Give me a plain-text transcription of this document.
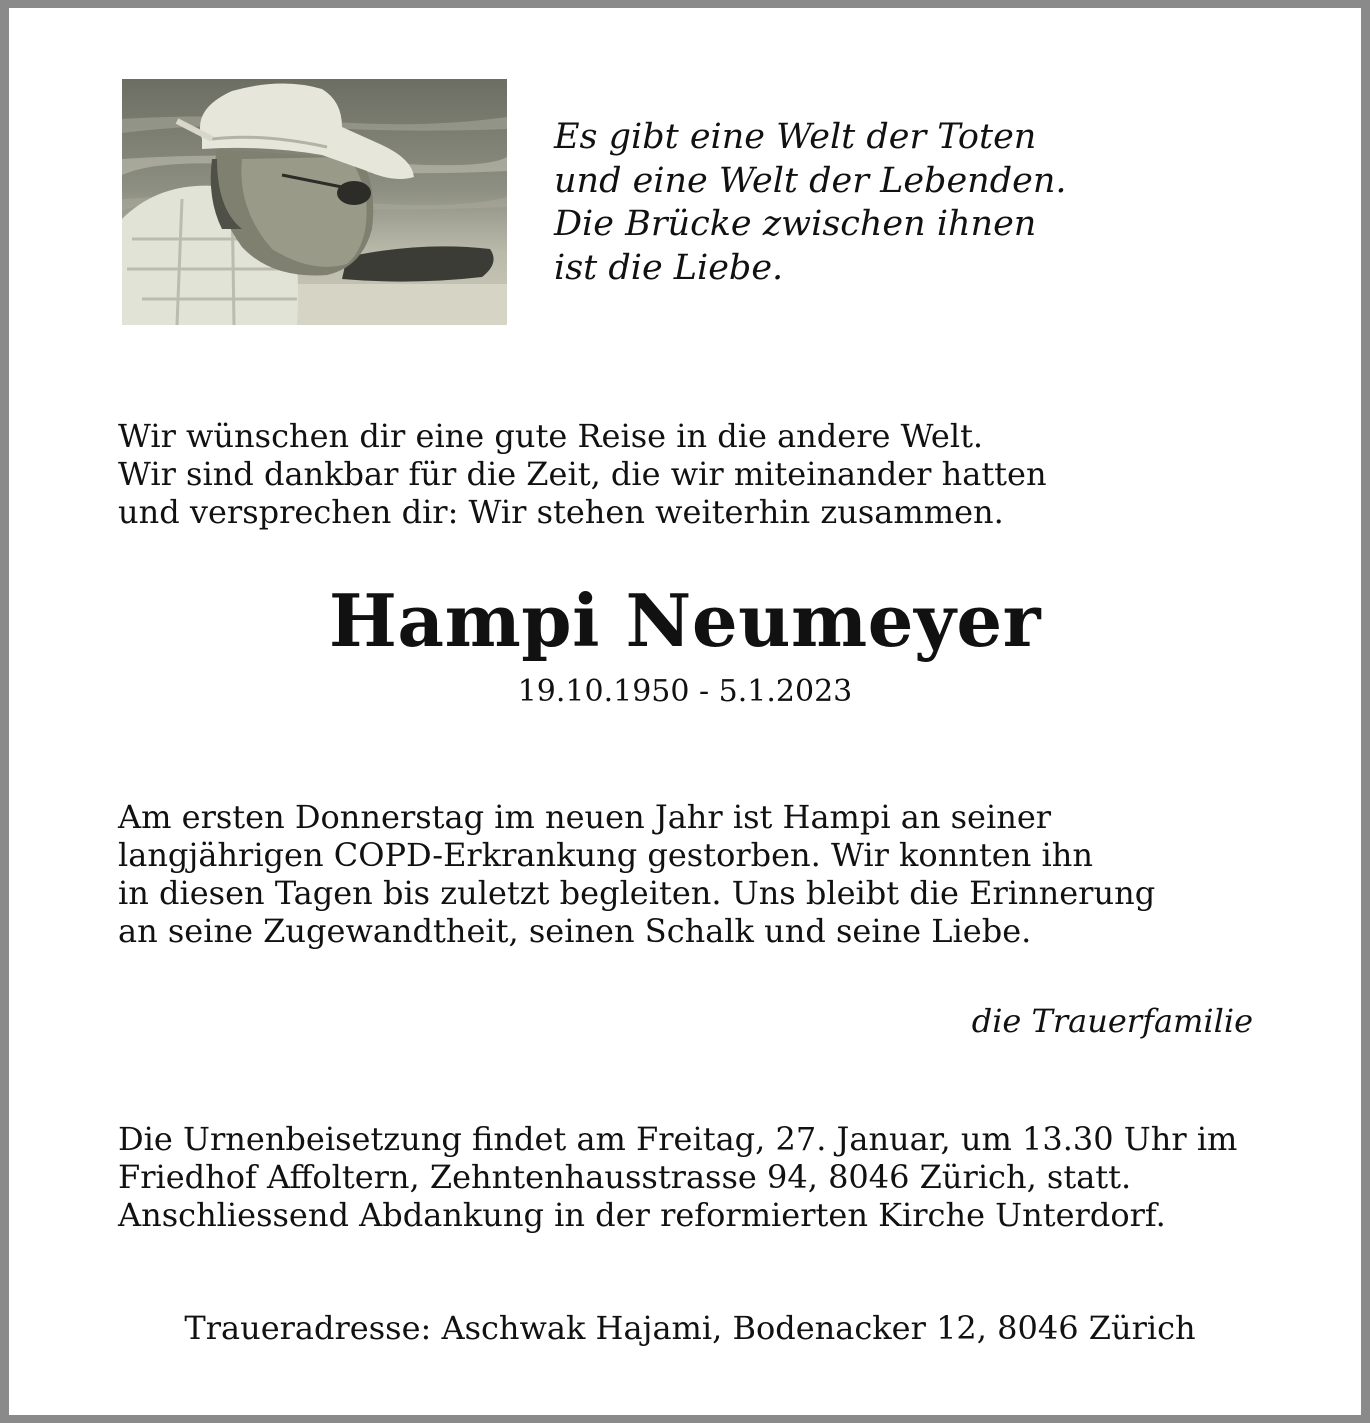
Es gibt eine Welt der Toten
und eine Welt der Lebenden.
Die Brücke zwischen ihnen
ist die Liebe.

Wir wünschen dir eine gute Reise in die andere Welt.
Wir sind dankbar für die Zeit, die wir miteinander hatten
und versprechen dir: Wir stehen weiterhin zusammen.

Hampi Neumeyer
19.10.1950 - 5.1.2023

Am ersten Donnerstag im neuen Jahr ist Hampi an seiner
langjährigen COPD-Erkrankung gestorben. Wir konnten ihn
in diesen Tagen bis zuletzt begleiten. Uns bleibt die Erinnerung
an seine Zugewandtheit, seinen Schalk und seine Liebe.

die Trauerfamilie

Die Urnenbeisetzung findet am Freitag, 27. Januar, um 13.30 Uhr im
Friedhof Affoltern, Zehntenhausstrasse 94, 8046 Zürich, statt.
Anschliessend Abdankung in der reformierten Kirche Unterdorf.

Traueradresse: Aschwak Hajami, Bodenacker 12, 8046 Zürich
